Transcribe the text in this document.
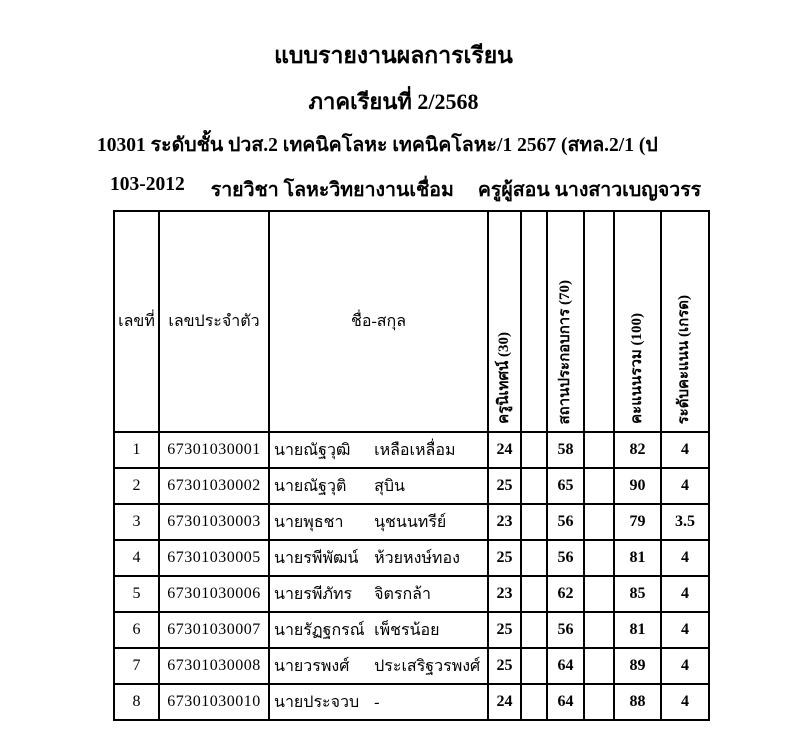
แบบรายงานผลการเรียน
ภาคเรียนที่ 2/2568
10301 ระดับชั้น ปวส.2 เทคนิคโลหะ เทคนิคโลหะ/1 2567 (สทล.2/1 (ป
103-2012 รายวิชา โลหะวิทยางานเชื่อม ครูผู้สอน นางสาวเบญจวรร
เลขที่	เลขประจำตัว	ชื่อ-สกุล	ครูนิเทศน์ (30)		สถานประกอบการ (70)		คะแนนรวม (100)	ระดับคะแนน (เกรด)
1	67301030001	นายณัฐวุฒิ เหลือเหลื่อม	24		58		82	4
2	67301030002	นายณัฐวุติ สุบิน	25		65		90	4
3	67301030003	นายพุธชา นุชนนทรีย์	23		56		79	3.5
4	67301030005	นายรพีพัฒน์ ห้วยหงษ์ทอง	25		56		81	4
5	67301030006	นายรพีภัทร จิตรกล้า	23		62		85	4
6	67301030007	นายรัฏฐกรณ์ เพ็ชรน้อย	25		56		81	4
7	67301030008	นายวรพงศ์ ประเสริฐวรพงศ์	25		64		89	4
8	67301030010	นายประจวบ -	24		64		88	4
